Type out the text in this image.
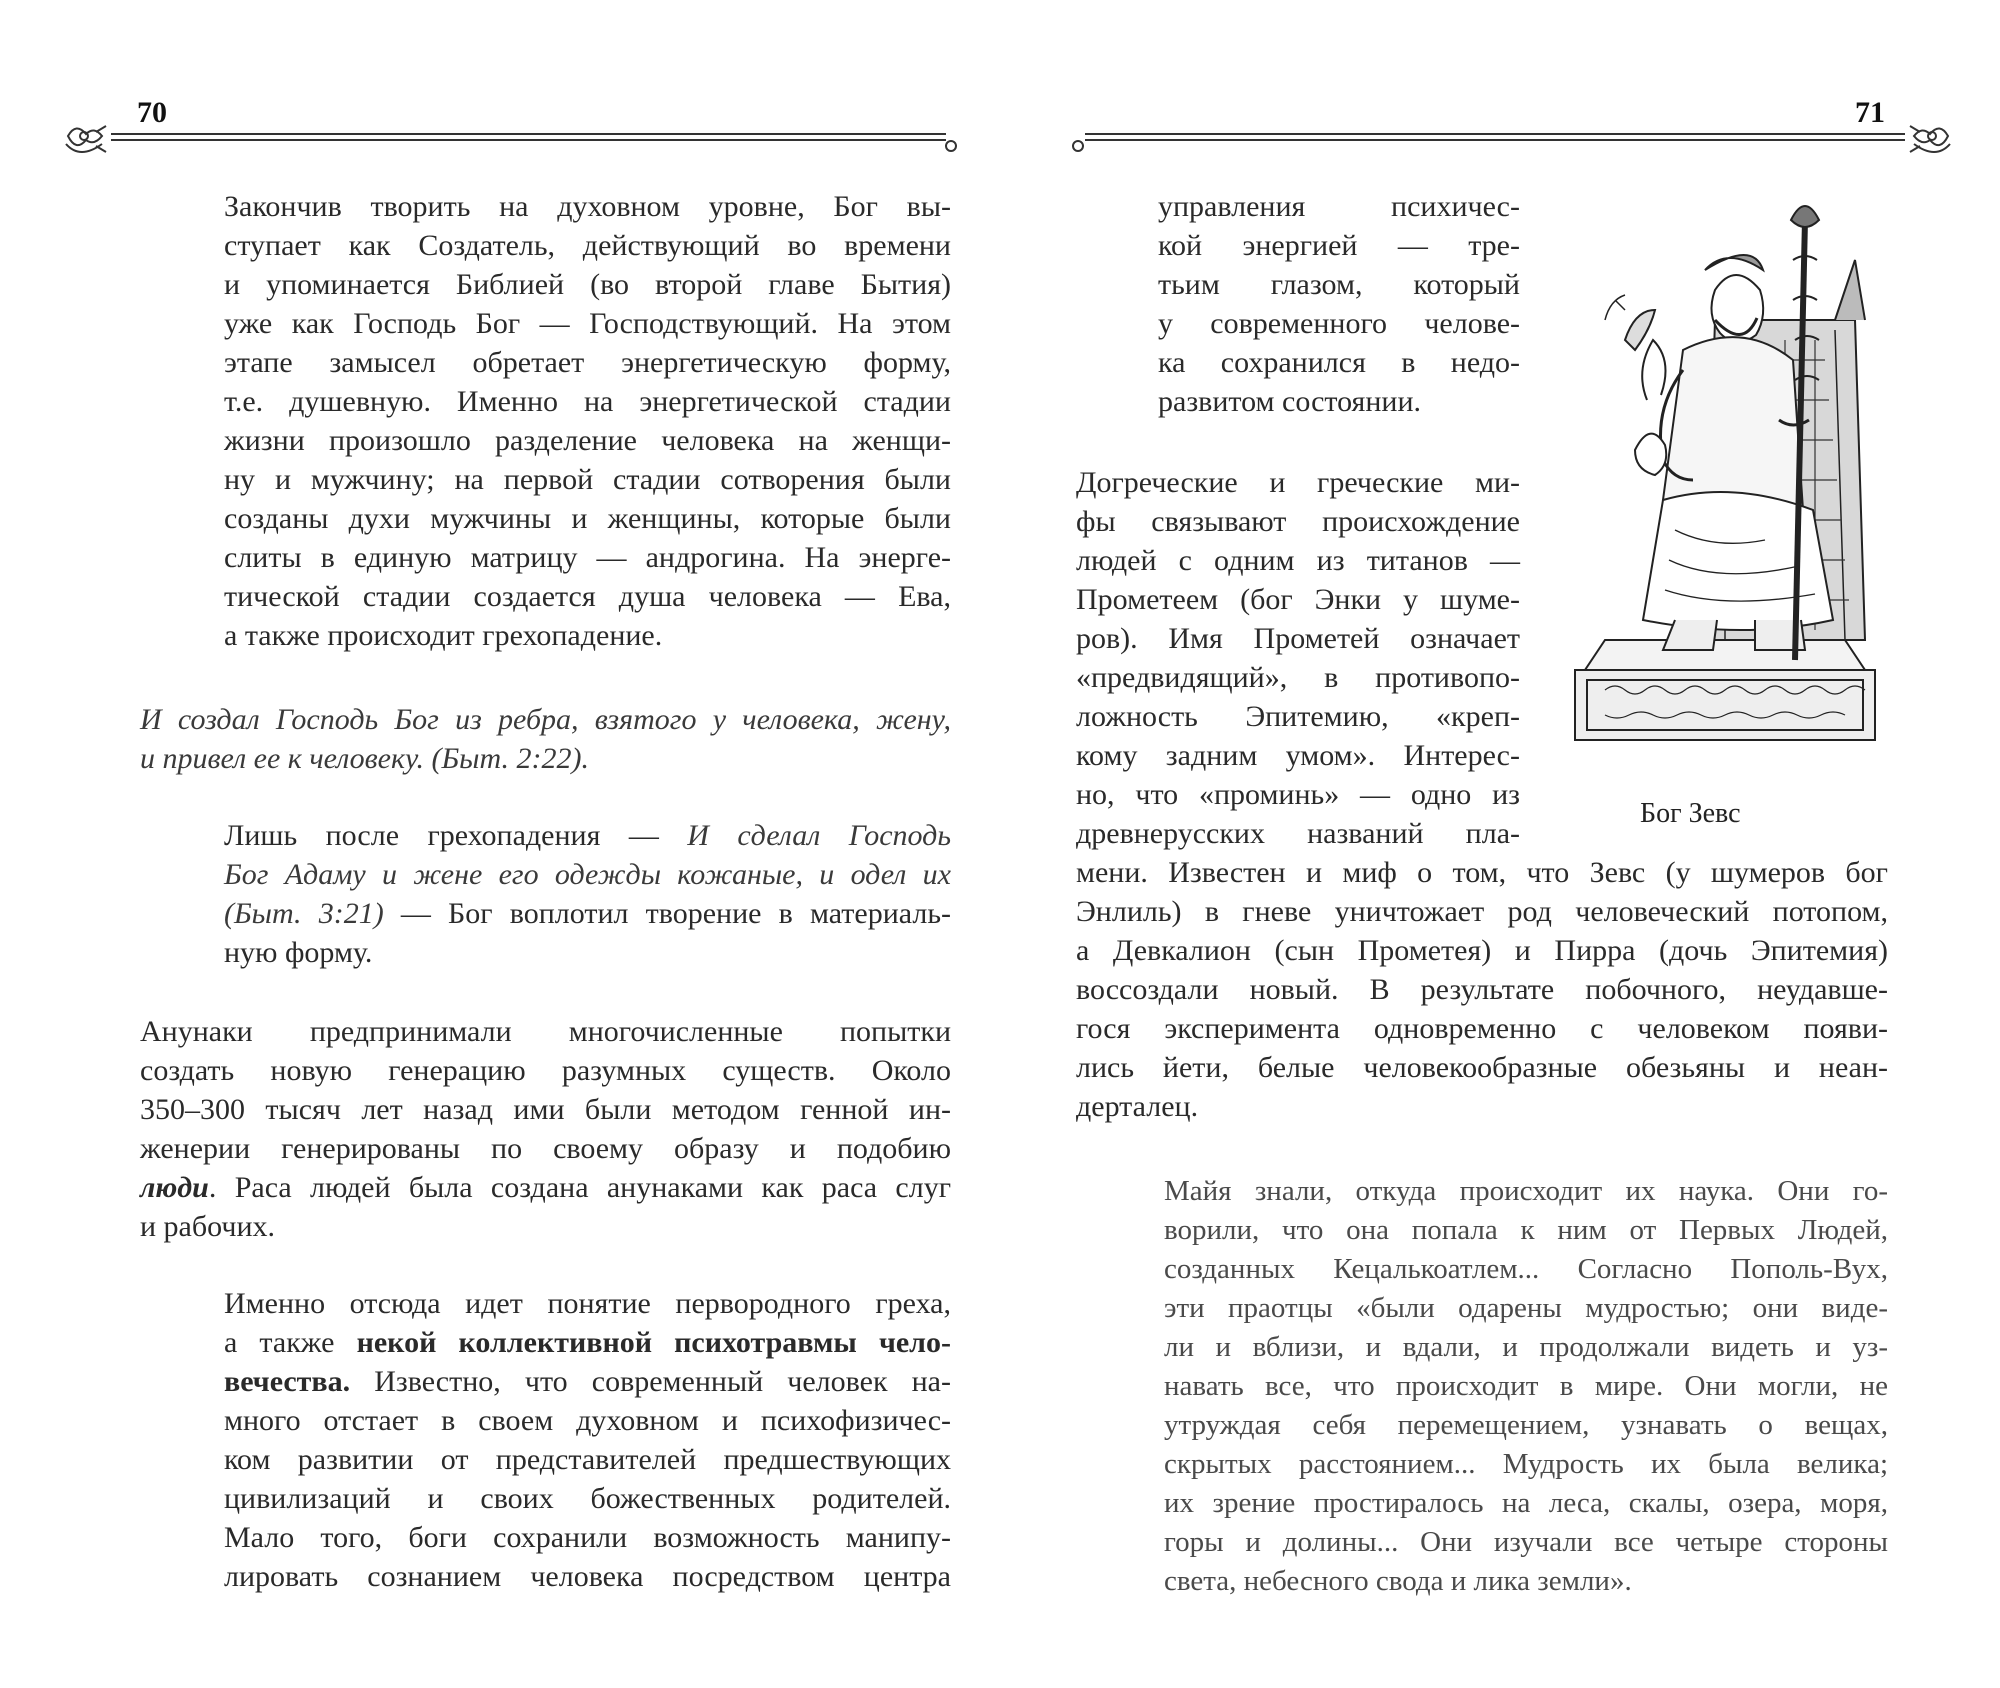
70
Закончив творить на духовном уровне, Бог вы-
ступает как Создатель, действующий во времени
и упоминается Библией (во второй главе Бытия)
уже как Господь Бог — Господствующий. На этом
этапе замысел обретает энергетическую форму,
т.е. душевную. Именно на энергетической стадии
жизни произошло разделение человека на женщи-
ну и мужчину; на первой стадии сотворения были
созданы духи мужчины и женщины, которые были
слиты в единую матрицу — андрогина. На энерге-
тической стадии создается душа человека — Ева,
а также происходит грехопадение.
И создал Господь Бог из ребра, взятого у человека, жену,
и привел ее к человеку. (Быт. 2:22).
Лишь после грехопадения — И сделал Господь
Бог Адаму и жене его одежды кожаные, и одел их
(Быт. 3:21) — Бог воплотил творение в материаль-
ную форму.
Анунаки предпринимали многочисленные попытки
создать новую генерацию разумных существ. Около
350–300 тысяч лет назад ими были методом генной ин-
женерии генерированы по своему образу и подобию
люди. Раса людей была создана анунаками как раса слуг
и рабочих.
Именно отсюда идет понятие первородного греха,
а также некой коллективной психотравмы чело-
вечества. Известно, что современный человек на-
много отстает в своем духовном и психофизичес-
ком развитии от представителей предшествующих
цивилизаций и своих божественных родителей.
Мало того, боги сохранили возможность манипу-
лировать сознанием человека посредством центра
71
управления психичес-
кой энергией — тре-
тьим глазом, который
у современного челове-
ка сохранился в недо-
развитом состоянии.
Догреческие и греческие ми-
фы связывают происхождение
людей с одним из титанов —
Прометеем (бог Энки у шуме-
ров). Имя Прометей означает
«предвидящий», в противопо-
ложность Эпитемию, «креп-
кому задним умом». Интерес-
но, что «проминь» — одно из
древнерусских названий пла-
мени. Известен и миф о том, что Зевс (у шумеров бог
Энлиль) в гневе уничтожает род человеческий потопом,
а Девкалион (сын Прометея) и Пирра (дочь Эпитемия)
воссоздали новый. В результате побочного, неудавше-
гося эксперимента одновременно с человеком появи-
лись йети, белые человекообразные обезьяны и неан-
дерталец.
Майя знали, откуда происходит их наука. Они го-
ворили, что она попала к ним от Первых Людей,
созданных Кецалькоатлем... Согласно Пополь-Вух,
эти праотцы «были одарены мудростью; они виде-
ли и вблизи, и вдали, и продолжали видеть и уз-
навать все, что происходит в мире. Они могли, не
утруждая себя перемещением, узнавать о вещах,
скрытых расстоянием... Мудрость их была велика;
их зрение простиралось на леса, скалы, озера, моря,
горы и долины... Они изучали все четыре стороны
света, небесного свода и лика земли».
Бог Зевс
